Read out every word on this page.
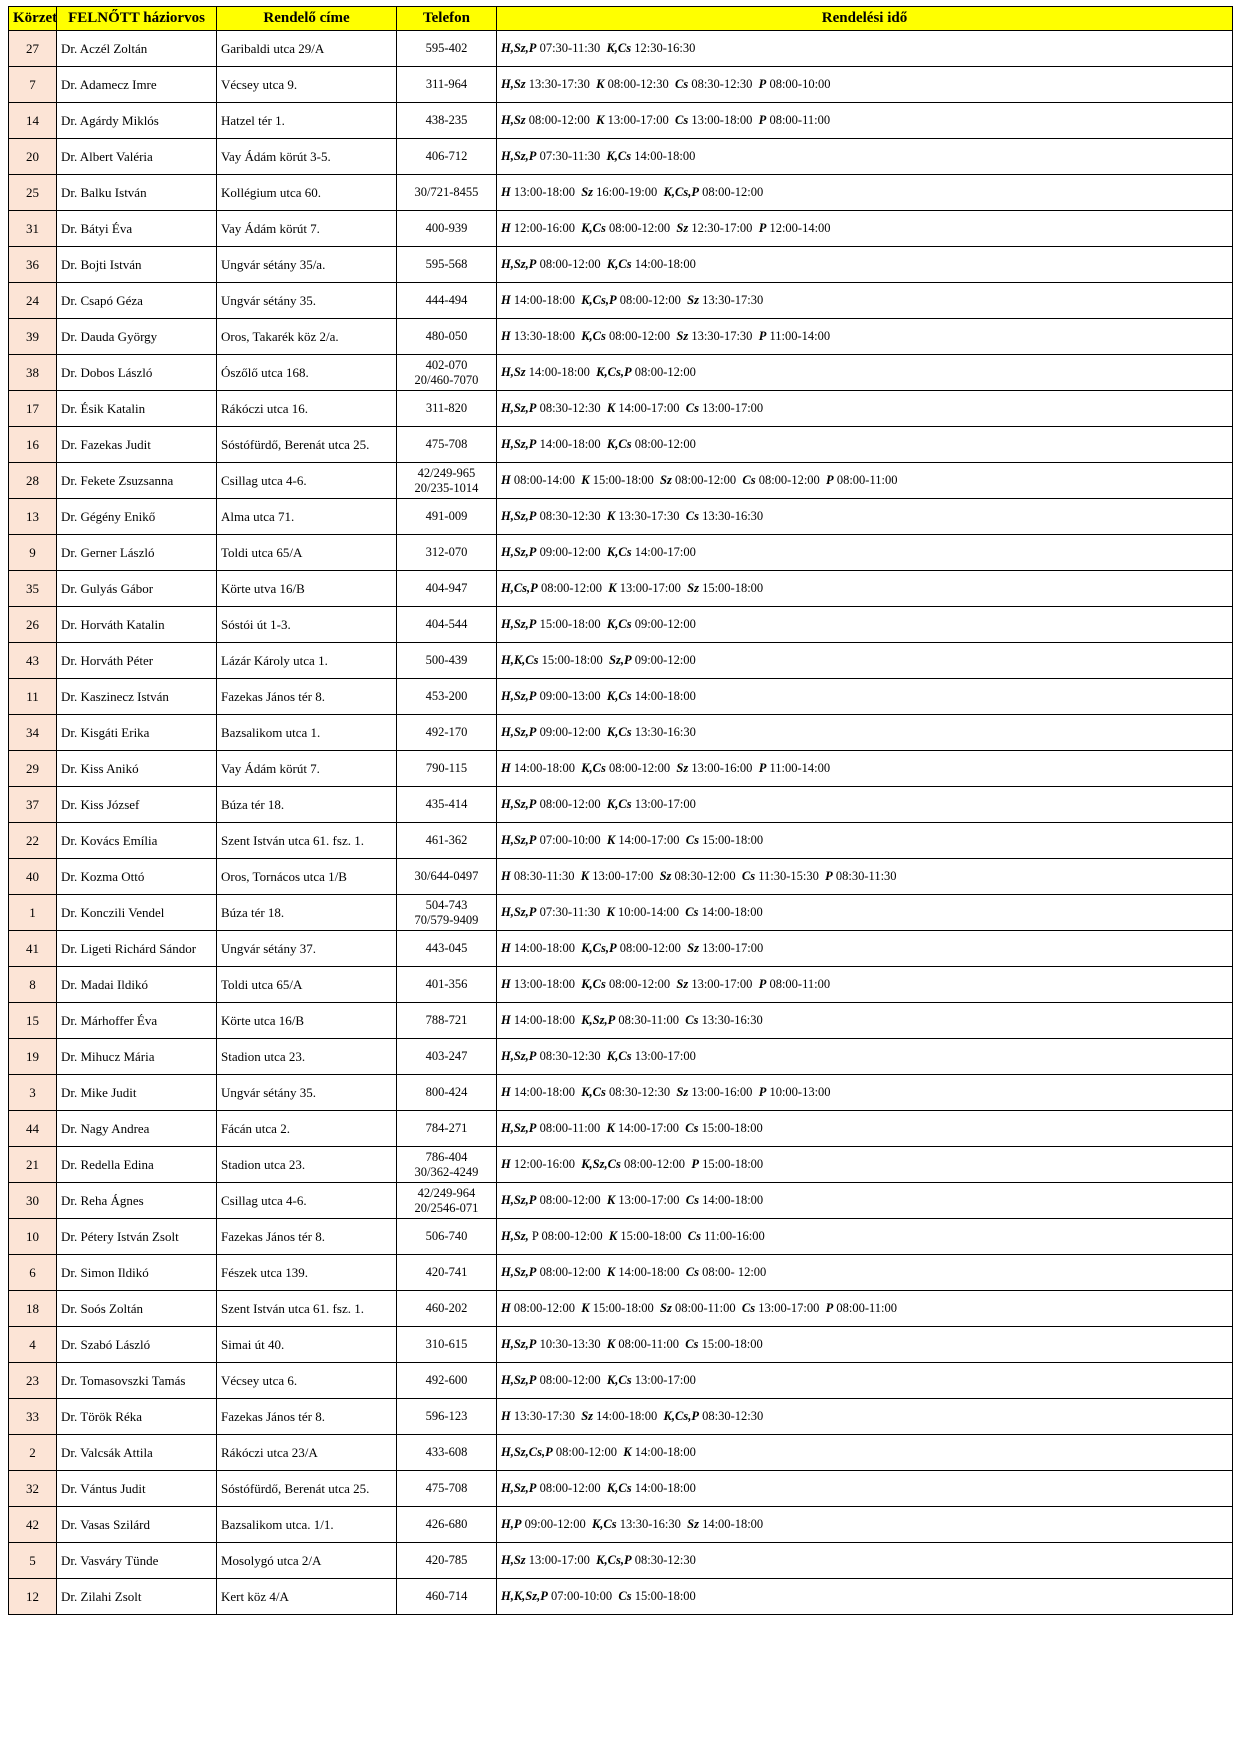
Körzet	FELNŐTT háziorvos	Rendelő címe	Telefon	Rendelési idő
27	Dr. Aczél Zoltán	Garibaldi utca 29/A	595-402	H,Sz,P 07:30-11:30 K,Cs 12:30-16:30
7	Dr. Adamecz Imre	Vécsey utca 9.	311-964	H,Sz 13:30-17:30 K 08:00-12:30 Cs 08:30-12:30 P 08:00-10:00
14	Dr. Agárdy Miklós	Hatzel tér 1.	438-235	H,Sz 08:00-12:00 K 13:00-17:00 Cs 13:00-18:00 P 08:00-11:00
20	Dr. Albert Valéria	Vay Ádám körút 3-5.	406-712	H,Sz,P 07:30-11:30 K,Cs 14:00-18:00
25	Dr. Balku István	Kollégium utca 60.	30/721-8455	H 13:00-18:00 Sz 16:00-19:00 K,Cs,P 08:00-12:00
31	Dr. Bátyi Éva	Vay Ádám körút 7.	400-939	H 12:00-16:00 K,Cs 08:00-12:00 Sz 12:30-17:00 P 12:00-14:00
36	Dr. Bojti István	Ungvár sétány 35/a.	595-568	H,Sz,P 08:00-12:00 K,Cs 14:00-18:00
24	Dr. Csapó Géza	Ungvár sétány 35.	444-494	H 14:00-18:00 K,Cs,P 08:00-12:00 Sz 13:30-17:30
39	Dr. Dauda György	Oros, Takarék köz 2/a.	480-050	H 13:30-18:00 K,Cs 08:00-12:00 Sz 13:30-17:30 P 11:00-14:00
38	Dr. Dobos László	Ószőlő utca 168.	402-070
20/460-7070	H,Sz 14:00-18:00 K,Cs,P 08:00-12:00
17	Dr. Ésik Katalin	Rákóczi utca 16.	311-820	H,Sz,P 08:30-12:30 K 14:00-17:00 Cs 13:00-17:00
16	Dr. Fazekas Judit	Sóstófürdő, Berenát utca 25.	475-708	H,Sz,P 14:00-18:00 K,Cs 08:00-12:00
28	Dr. Fekete Zsuzsanna	Csillag utca 4-6.	42/249-965
20/235-1014	H 08:00-14:00 K 15:00-18:00 Sz 08:00-12:00 Cs 08:00-12:00 P 08:00-11:00
13	Dr. Gégény Enikő	Alma utca 71.	491-009	H,Sz,P 08:30-12:30 K 13:30-17:30 Cs 13:30-16:30
9	Dr. Gerner László	Toldi utca 65/A	312-070	H,Sz,P 09:00-12:00 K,Cs 14:00-17:00
35	Dr. Gulyás Gábor	Körte utva 16/B	404-947	H,Cs,P 08:00-12:00 K 13:00-17:00 Sz 15:00-18:00
26	Dr. Horváth Katalin	Sóstói út 1-3.	404-544	H,Sz,P 15:00-18:00 K,Cs 09:00-12:00
43	Dr. Horváth Péter	Lázár Károly utca 1.	500-439	H,K,Cs 15:00-18:00 Sz,P 09:00-12:00
11	Dr. Kaszinecz István	Fazekas János tér 8.	453-200	H,Sz,P 09:00-13:00 K,Cs 14:00-18:00
34	Dr. Kisgáti Erika	Bazsalikom utca 1.	492-170	H,Sz,P 09:00-12:00 K,Cs 13:30-16:30
29	Dr. Kiss Anikó	Vay Ádám körút 7.	790-115	H 14:00-18:00 K,Cs 08:00-12:00 Sz 13:00-16:00 P 11:00-14:00
37	Dr. Kiss József	Búza tér 18.	435-414	H,Sz,P 08:00-12:00 K,Cs 13:00-17:00
22	Dr. Kovács Emília	Szent István utca 61. fsz. 1.	461-362	H,Sz,P 07:00-10:00 K 14:00-17:00 Cs 15:00-18:00
40	Dr. Kozma Ottó	Oros, Tornácos utca 1/B	30/644-0497	H 08:30-11:30 K 13:00-17:00 Sz 08:30-12:00 Cs 11:30-15:30 P 08:30-11:30
1	Dr. Konczili Vendel	Búza tér 18.	504-743
70/579-9409	H,Sz,P 07:30-11:30 K 10:00-14:00 Cs 14:00-18:00
41	Dr. Ligeti Richárd Sándor	Ungvár sétány 37.	443-045	H 14:00-18:00 K,Cs,P 08:00-12:00 Sz 13:00-17:00
8	Dr. Madai Ildikó	Toldi utca 65/A	401-356	H 13:00-18:00 K,Cs 08:00-12:00 Sz 13:00-17:00 P 08:00-11:00
15	Dr. Márhoffer Éva	Körte utca 16/B	788-721	H 14:00-18:00 K,Sz,P 08:30-11:00 Cs 13:30-16:30
19	Dr. Mihucz Mária	Stadion utca 23.	403-247	H,Sz,P 08:30-12:30 K,Cs 13:00-17:00
3	Dr. Mike Judit	Ungvár sétány 35.	800-424	H 14:00-18:00 K,Cs 08:30-12:30 Sz 13:00-16:00 P 10:00-13:00
44	Dr. Nagy Andrea	Fácán utca 2.	784-271	H,Sz,P 08:00-11:00 K 14:00-17:00 Cs 15:00-18:00
21	Dr. Redella Edina	Stadion utca 23.	786-404
30/362-4249	H 12:00-16:00 K,Sz,Cs 08:00-12:00 P 15:00-18:00
30	Dr. Reha Ágnes	Csillag utca 4-6.	42/249-964
20/2546-071	H,Sz,P 08:00-12:00 K 13:00-17:00 Cs 14:00-18:00
10	Dr. Pétery István Zsolt	Fazekas János tér 8.	506-740	H,Sz, P 08:00-12:00 K 15:00-18:00 Cs 11:00-16:00
6	Dr. Simon Ildikó	Fészek utca 139.	420-741	H,Sz,P 08:00-12:00 K 14:00-18:00 Cs 08:00- 12:00
18	Dr. Soós Zoltán	Szent István utca 61. fsz. 1.	460-202	H 08:00-12:00 K 15:00-18:00 Sz 08:00-11:00 Cs 13:00-17:00 P 08:00-11:00
4	Dr. Szabó László	Simai út 40.	310-615	H,Sz,P 10:30-13:30 K 08:00-11:00 Cs 15:00-18:00
23	Dr. Tomasovszki Tamás	Vécsey utca 6.	492-600	H,Sz,P 08:00-12:00 K,Cs 13:00-17:00
33	Dr. Török Réka	Fazekas János tér 8.	596-123	H 13:30-17:30 Sz 14:00-18:00 K,Cs,P 08:30-12:30
2	Dr. Valcsák Attila	Rákóczi utca 23/A	433-608	H,Sz,Cs,P 08:00-12:00 K 14:00-18:00
32	Dr. Vántus Judit	Sóstófürdő, Berenát utca 25.	475-708	H,Sz,P 08:00-12:00 K,Cs 14:00-18:00
42	Dr. Vasas Szilárd	Bazsalikom utca. 1/1.	426-680	H,P 09:00-12:00 K,Cs 13:30-16:30 Sz 14:00-18:00
5	Dr. Vasváry Tünde	Mosolygó utca 2/A	420-785	H,Sz 13:00-17:00 K,Cs,P 08:30-12:30
12	Dr. Zilahi Zsolt	Kert köz 4/A	460-714	H,K,Sz,P 07:00-10:00 Cs 15:00-18:00
